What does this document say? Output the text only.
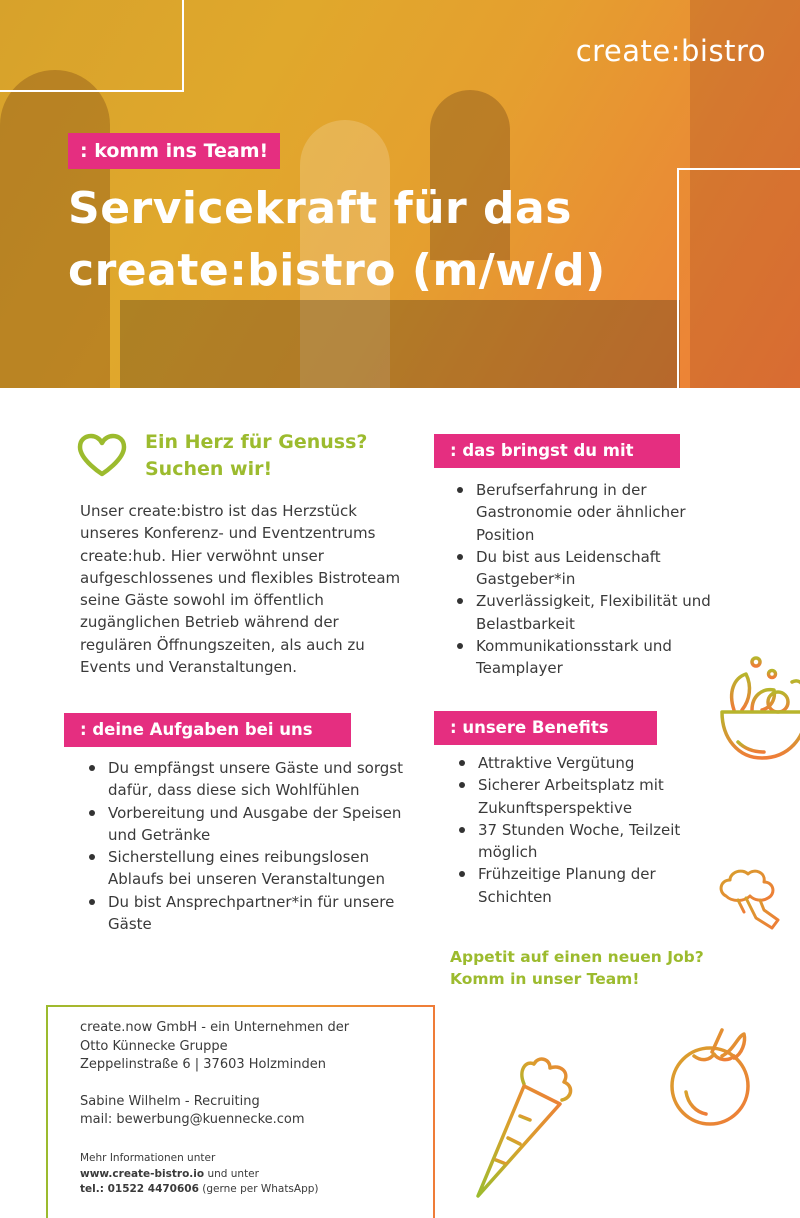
create:bistro
: komm ins Team!
Servicekraft für das
create:bistro (m/w/d)
Ein Herz für Genuss?
Suchen wir!

Unser create:bistro ist das Herzstück unseres Konferenz- und Eventzentrums create:hub. Hier verwöhnt unser aufgeschlossenes und flexibles Bistroteam seine Gäste sowohl im öffentlich zugänglichen Betrieb während der regulären Öffnungszeiten, als auch zu Events und Veranstaltungen.

: das bringst du mit
Berufserfahrung in der Gastronomie oder ähnlicher Position
Du bist aus Leidenschaft Gastgeber*in
Zuverlässigkeit, Flexibilität und Belastbarkeit
Kommunikationsstark und Teamplayer
: deine Aufgaben bei uns
Du empfängst unsere Gäste und sorgst dafür, dass diese sich Wohlfühlen
Vorbereitung und Ausgabe der Speisen und Getränke
Sicherstellung eines reibungslosen Ablaufs bei unseren Veranstaltungen
Du bist Ansprechpartner*in für unsere Gäste
: unsere Benefits
Attraktive Vergütung
Sicherer Arbeitsplatz mit Zukunftsperspektive
37 Stunden Woche, Teilzeit möglich
Frühzeitige Planung der Schichten
Appetit auf einen neuen Job?
Komm in unser Team!
create.now GmbH - ein Unternehmen der
Otto Künnecke Gruppe
Zeppelinstraße 6 | 37603 Holzminden
Sabine Wilhelm - Recruiting
mail: bewerbung@kuennecke.com
Mehr Informationen unter
www.create-bistro.io und unter
tel.: 01522 4470606 (gerne per WhatsApp)
